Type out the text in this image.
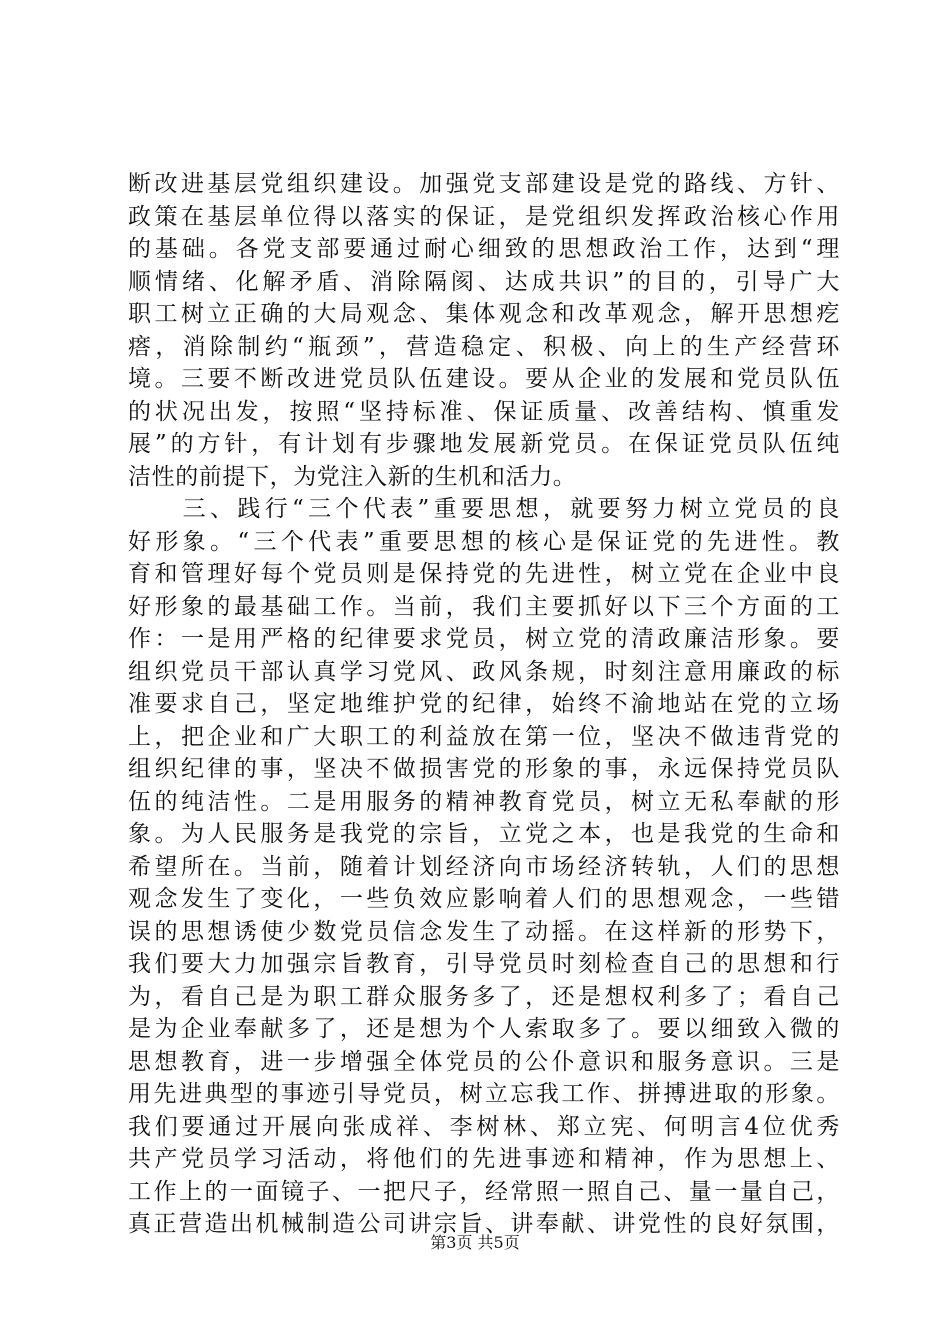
断改进基层党组织建设。加强党支部建设是党的路线、方针、
政策在基层单位得以落实的保证，是党组织发挥政治核心作用
的基础。各党支部要通过耐心细致的思想政治工作，达到“理
顺情绪、化解矛盾、消除隔阂、达成共识”的目的，引导广大
职工树立正确的大局观念、集体观念和改革观念，解开思想疙
瘩，消除制约“瓶颈”，营造稳定、积极、向上的生产经营环
境。三要不断改进党员队伍建设。要从企业的发展和党员队伍
的状况出发，按照“坚持标准、保证质量、改善结构、慎重发
展”的方针，有计划有步骤地发展新党员。在保证党员队伍纯
洁性的前提下，为党注入新的生机和活力。
　　三、践行“三个代表”重要思想，就要努力树立党员的良
好形象。“三个代表”重要思想的核心是保证党的先进性。教
育和管理好每个党员则是保持党的先进性，树立党在企业中良
好形象的最基础工作。当前，我们主要抓好以下三个方面的工
作：一是用严格的纪律要求党员，树立党的清政廉洁形象。要
组织党员干部认真学习党风、政风条规，时刻注意用廉政的标
准要求自己，坚定地维护党的纪律，始终不渝地站在党的立场
上，把企业和广大职工的利益放在第一位，坚决不做违背党的
组织纪律的事，坚决不做损害党的形象的事，永远保持党员队
伍的纯洁性。二是用服务的精神教育党员，树立无私奉献的形
象。为人民服务是我党的宗旨，立党之本，也是我党的生命和
希望所在。当前，随着计划经济向市场经济转轨，人们的思想
观念发生了变化，一些负效应影响着人们的思想观念，一些错
误的思想诱使少数党员信念发生了动摇。在这样新的形势下，
我们要大力加强宗旨教育，引导党员时刻检查自己的思想和行
为，看自己是为职工群众服务多了，还是想权利多了；看自己
是为企业奉献多了，还是想为个人索取多了。要以细致入微的
思想教育，进一步增强全体党员的公仆意识和服务意识。三是
用先进典型的事迹引导党员，树立忘我工作、拼搏进取的形象。
我们要通过开展向张成祥、李树林、郑立宪、何明言4位优秀
共产党员学习活动，将他们的先进事迹和精神，作为思想上、
工作上的一面镜子、一把尺子，经常照一照自己、量一量自己，
真正营造出机械制造公司讲宗旨、讲奉献、讲党性的良好氛围，
第3页 共5页
